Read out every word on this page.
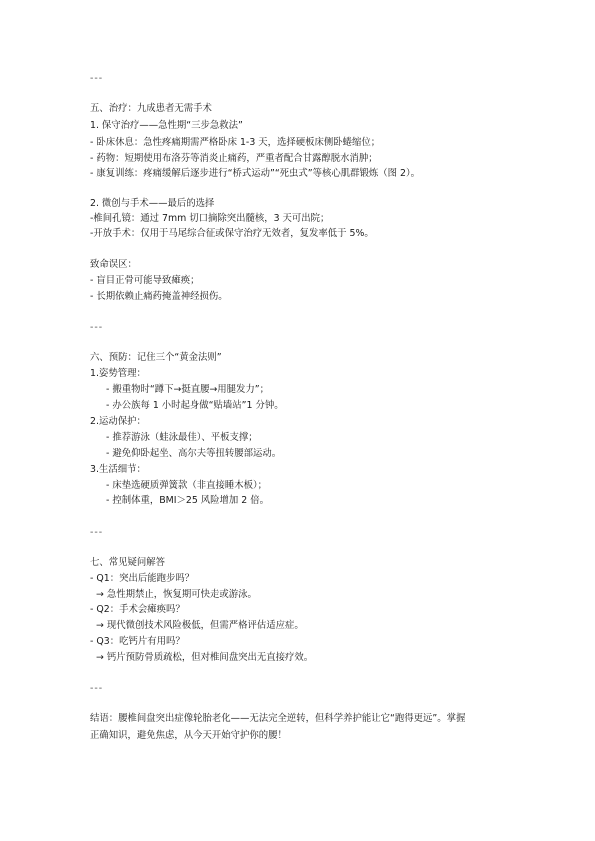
---
五、治疗：九成患者无需手术
1. 保守治疗——急性期“三步急救法”
- 卧床休息：急性疼痛期需严格卧床 1-3 天，选择硬板床侧卧蜷缩位；
- 药物：短期使用布洛芬等消炎止痛药，严重者配合甘露醇脱水消肿；
- 康复训练：疼痛缓解后逐步进行“桥式运动”“死虫式”等核心肌群锻炼（图 2）。
2. 微创与手术——最后的选择
-椎间孔镜：通过 7mm 切口摘除突出髓核，3 天可出院；
-开放手术：仅用于马尾综合征或保守治疗无效者，复发率低于 5%。
致命误区：
- 盲目正骨可能导致瘫痪；
- 长期依赖止痛药掩盖神经损伤。
---
六、预防：记住三个“黄金法则”
1.姿势管理：
- 搬重物时“蹲下→挺直腰→用腿发力”；
- 办公族每 1 小时起身做“贴墙站”1 分钟。
2.运动保护：
- 推荐游泳（蛙泳最佳）、平板支撑；
- 避免仰卧起坐、高尔夫等扭转腰部运动。
3.生活细节：
- 床垫选硬质弹簧款（非直接睡木板）；
- 控制体重，BMI＞25 风险增加 2 倍。
---
七、常见疑问解答
- Q1：突出后能跑步吗？
→ 急性期禁止，恢复期可快走或游泳。
- Q2：手术会瘫痪吗？
→ 现代微创技术风险极低，但需严格评估适应症。
- Q3：吃钙片有用吗？
→ 钙片预防骨质疏松，但对椎间盘突出无直接疗效。
---
结语：腰椎间盘突出症像轮胎老化——无法完全逆转，但科学养护能让它“跑得更远”。掌握
正确知识，避免焦虑，从今天开始守护你的腰！
